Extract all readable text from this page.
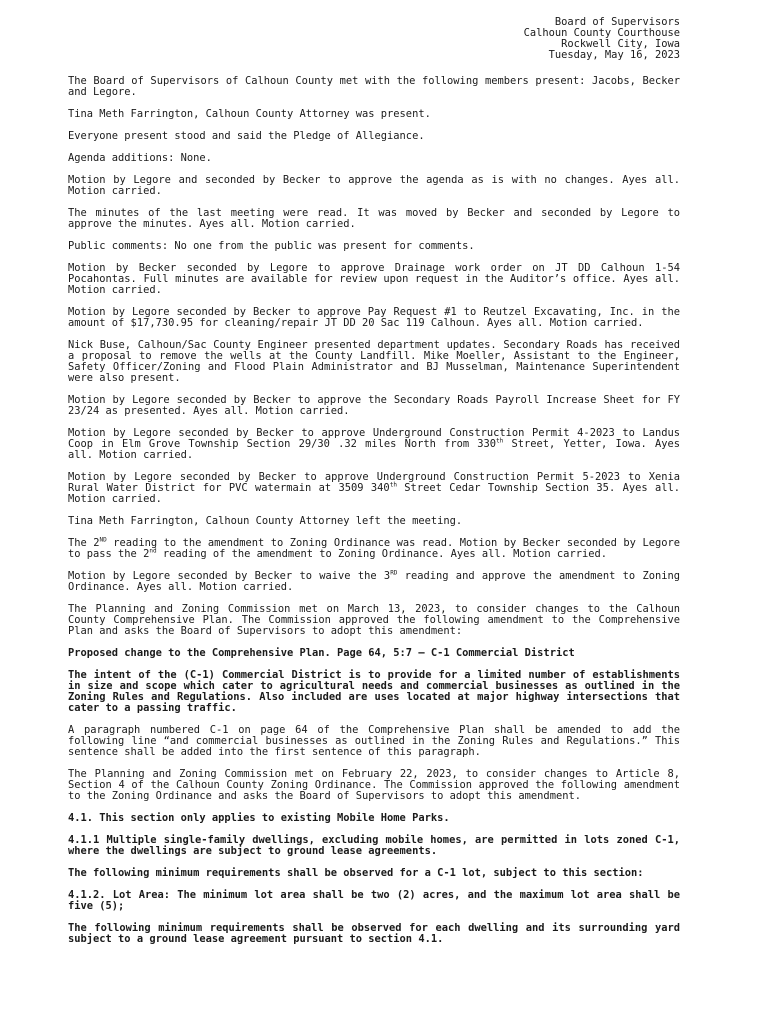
Board of Supervisors
Calhoun County Courthouse
Rockwell City, Iowa
Tuesday, May 16, 2023

The Board of Supervisors of Calhoun County met with the following members present: Jacobs, Becker and Legore.

Tina Meth Farrington, Calhoun County Attorney was present.

Everyone present stood and said the Pledge of Allegiance.

Agenda additions: None.

Motion by Legore and seconded by Becker to approve the agenda as is with no changes. Ayes all. Motion carried.

The minutes of the last meeting were read. It was moved by Becker and seconded by Legore to approve the minutes. Ayes all. Motion carried.

Public comments: No one from the public was present for comments.

Motion by Becker seconded by Legore to approve Drainage work order on JT DD Calhoun 1-54 Pocahontas. Full minutes are available for review upon request in the Auditor’s office. Ayes all. Motion carried.

Motion by Legore seconded by Becker to approve Pay Request #1 to Reutzel Excavating, Inc. in the amount of $17,730.95 for cleaning/repair JT DD 20 Sac 119 Calhoun. Ayes all. Motion carried.

Nick Buse, Calhoun/Sac County Engineer presented department updates. Secondary Roads has received a proposal to remove the wells at the County Landfill. Mike Moeller, Assistant to the Engineer, Safety Officer/Zoning and Flood Plain Administrator and BJ Musselman, Maintenance Superintendent were also present.

Motion by Legore seconded by Becker to approve the Secondary Roads Payroll Increase Sheet for FY 23/24 as presented. Ayes all. Motion carried.

Motion by Legore seconded by Becker to approve Underground Construction Permit 4-2023 to Landus Coop in Elm Grove Township Section 29/30 .32 miles North from 330th Street, Yetter, Iowa. Ayes all. Motion carried.

Motion by Legore seconded by Becker to approve Underground Construction Permit 5-2023 to Xenia Rural Water District for PVC watermain at 3509 340th Street Cedar Township Section 35. Ayes all. Motion carried.

Tina Meth Farrington, Calhoun County Attorney left the meeting.

The 2ND reading to the amendment to Zoning Ordinance was read. Motion by Becker seconded by Legore to pass the 2nd reading of the amendment to Zoning Ordinance. Ayes all. Motion carried.

Motion by Legore seconded by Becker to waive the 3RD reading and approve the amendment to Zoning Ordinance. Ayes all. Motion carried.

The Planning and Zoning Commission met on March 13, 2023, to consider changes to the Calhoun County Comprehensive Plan. The Commission approved the following amendment to the Comprehensive Plan and asks the Board of Supervisors to adopt this amendment:

Proposed change to the Comprehensive Plan. Page 64, 5:7 – C-1 Commercial District

The intent of the (C-1) Commercial District is to provide for a limited number of establishments in size and scope which cater to agricultural needs and commercial businesses as outlined in the Zoning Rules and Regulations. Also included are uses located at major highway intersections that cater to a passing traffic.

A paragraph numbered C-1 on page 64 of the Comprehensive Plan shall be amended to add the following line “and commercial businesses as outlined in the Zoning Rules and Regulations.” This sentence shall be added into the first sentence of this paragraph.

The Planning and Zoning Commission met on February 22, 2023, to consider changes to Article 8, Section 4 of the Calhoun County Zoning Ordinance. The Commission approved the following amendment to the Zoning Ordinance and asks the Board of Supervisors to adopt this amendment.

4.1. This section only applies to existing Mobile Home Parks.

4.1.1 Multiple single-family dwellings, excluding mobile homes, are permitted in lots zoned C-1, where the dwellings are subject to ground lease agreements.

The following minimum requirements shall be observed for a C-1 lot, subject to this section:

4.1.2. Lot Area: The minimum lot area shall be two (2) acres, and the maximum lot area shall be five (5);

The following minimum requirements shall be observed for each dwelling and its surrounding yard subject to a ground lease agreement pursuant to section 4.1.
